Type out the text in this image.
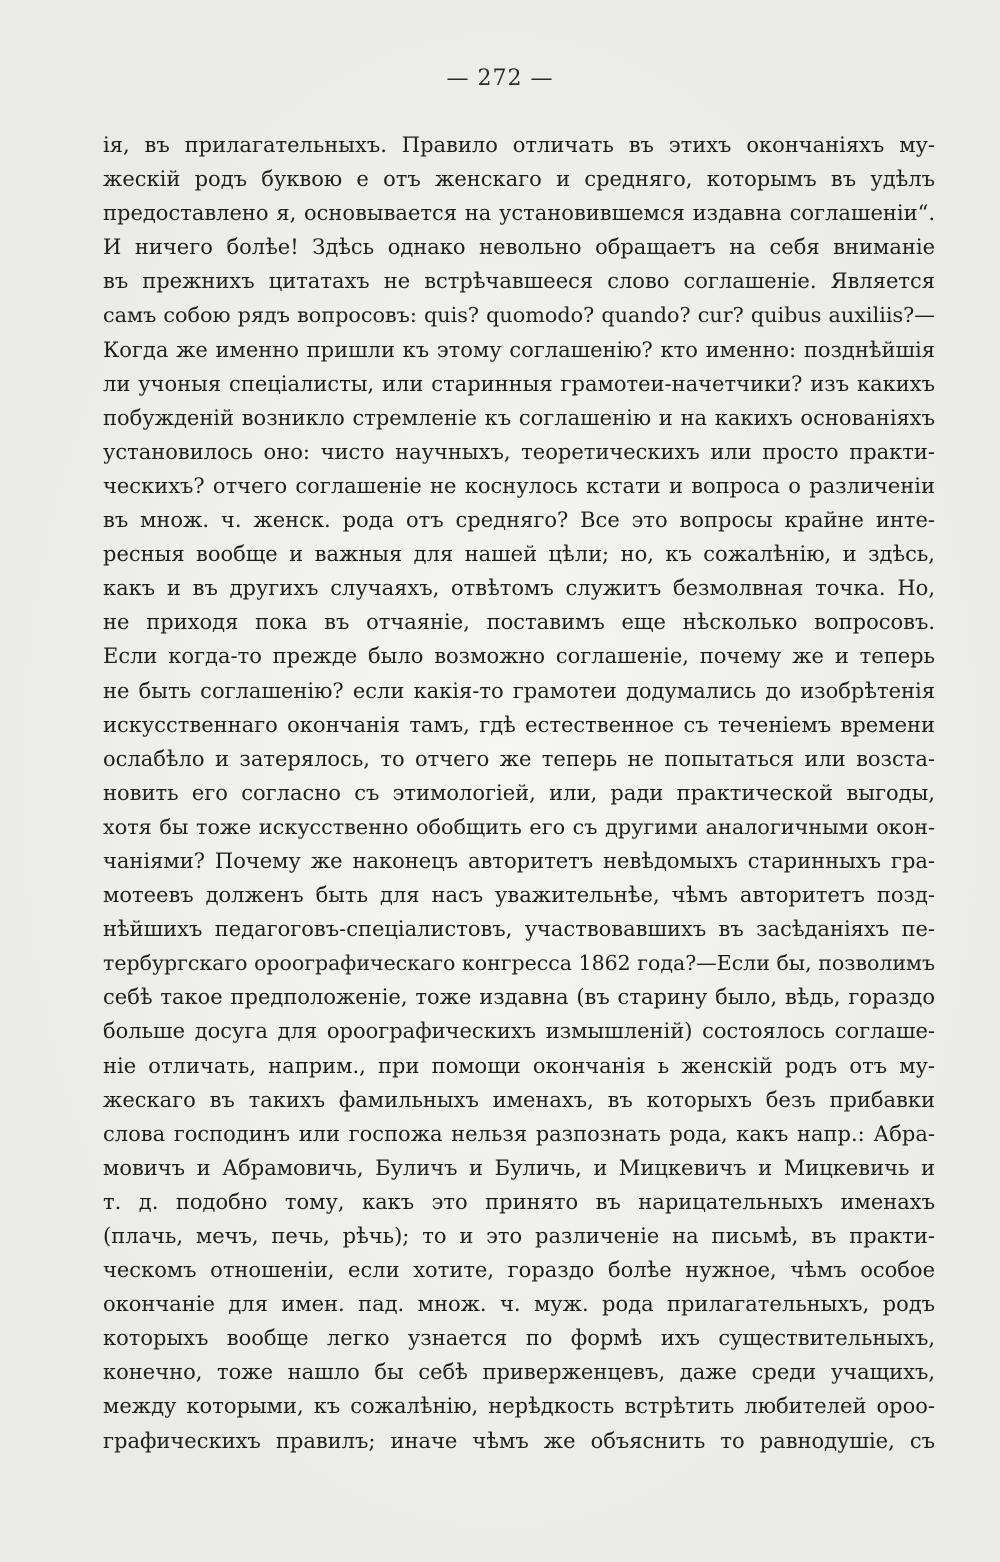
— 272 —
ія, въ прилагательныхъ. Правило отличать въ этихъ окончаніяхъ му-
жескій родъ буквою е отъ женскаго и средняго, которымъ въ удѣлъ
предоставлено я, основывается на установившемся издавна соглашеніи“.
И ничего болѣе! Здѣсь однако невольно обращаетъ на себя вниманіе
въ прежнихъ цитатахъ не встрѣчавшееся слово соглашеніе. Является
самъ собою рядъ вопросовъ: quis? quomodo? quando? cur? quibus auxiliis?—
Когда же именно пришли къ этому соглашенію? кто именно: позднѣйшія
ли учоныя спеціалисты, или старинныя грамотеи-начетчики? изъ какихъ
побужденій возникло стремленіе къ соглашенію и на какихъ основаніяхъ
установилось оно: чисто научныхъ, теоретическихъ или просто практи-
ческихъ? отчего соглашеніе не коснулось кстати и вопроса о различеніи
въ множ. ч. женск. рода отъ средняго? Все это вопросы крайне инте-
ресныя вообще и важныя для нашей цѣли; но, къ сожалѣнію, и здѣсь,
какъ и въ другихъ случаяхъ, отвѣтомъ служитъ безмолвная точка. Но,
не приходя пока въ отчаяніе, поставимъ еще нѣсколько вопросовъ.
Если когда-то прежде было возможно соглашеніе, почему же и теперь
не быть соглашенію? если какія-то грамотеи додумались до изобрѣтенія
искусственнаго окончанія тамъ, гдѣ естественное съ теченіемъ времени
ослабѣло и затерялось, то отчего же теперь не попытаться или возста-
новить его согласно съ этимологіей, или, ради практической выгоды,
хотя бы тоже искусственно обобщить его съ другими аналогичными окон-
чаніями? Почему же наконецъ авторитетъ невѣдомыхъ старинныхъ гра-
мотеевъ долженъ быть для насъ уважительнѣе, чѣмъ авторитетъ позд-
нѣйшихъ педагоговъ-спеціалистовъ, участвовавшихъ въ засѣданіяхъ пе-
тербургскаго ороографическаго конгресса 1862 года?—Если бы, позволимъ
себѣ такое предположеніе, тоже издавна (въ старину было, вѣдь, гораздо
больше досуга для ороографическихъ измышленій) состоялось соглаше-
ніе отличать, наприм., при помощи окончанія ь женскій родъ отъ му-
жескаго въ такихъ фамильныхъ именахъ, въ которыхъ безъ прибавки
слова господинъ или госпожа нельзя разпознать рода, какъ напр.: Абра-
мовичъ и Абрамовичь, Буличъ и Буличь, и Мицкевичъ и Мицкевичь и
т. д. подобно тому, какъ это принято въ нарицательныхъ именахъ
(плачь, мечъ, печь, рѣчь); то и это различеніе на письмѣ, въ практи-
ческомъ отношеніи, если хотите, гораздо болѣе нужное, чѣмъ особое
окончаніе для имен. пад. множ. ч. муж. рода прилагательныхъ, родъ
которыхъ вообще легко узнается по формѣ ихъ существительныхъ,
конечно, тоже нашло бы себѣ приверженцевъ, даже среди учащихъ,
между которыми, къ сожалѣнію, нерѣдкость встрѣтить любителей ороо-
графическихъ правилъ; иначе чѣмъ же объяснить то равнодушіе, съ
